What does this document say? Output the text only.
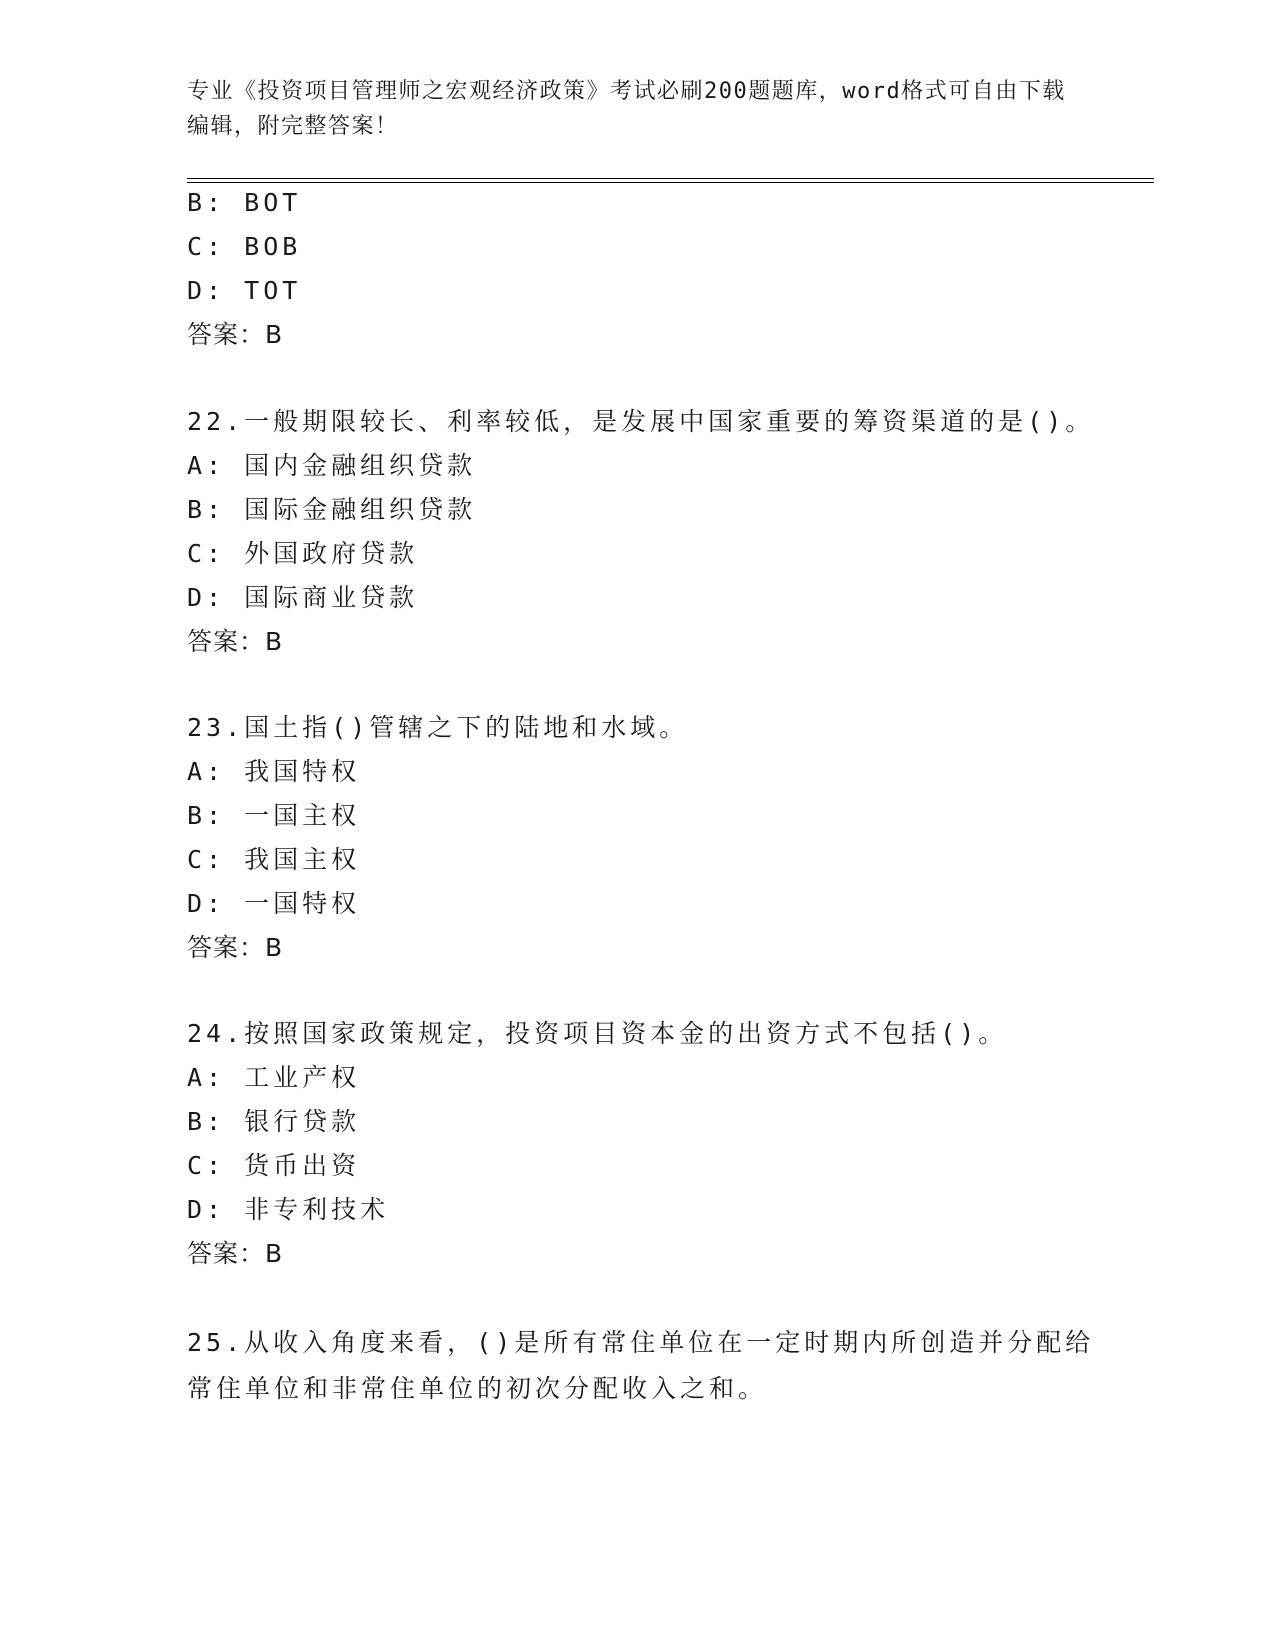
专业《投资项目管理师之宏观经济政策》考试必刷200题题库，word格式可自由下载编辑，附完整答案！

B: BOT
C: BOB
D: TOT
答案：B
22.一般期限较长、利率较低，是发展中国家重要的筹资渠道的是()。
A: 国内金融组织贷款
B: 国际金融组织贷款
C: 外国政府贷款
D: 国际商业贷款
答案：B
23.国土指()管辖之下的陆地和水域。
A: 我国特权
B: 一国主权
C: 我国主权
D: 一国特权
答案：B
24.按照国家政策规定，投资项目资本金的出资方式不包括()。
A: 工业产权
B: 银行贷款
C: 货币出资
D: 非专利技术
答案：B
25.从收入角度来看，()是所有常住单位在一定时期内所创造并分配给常住单位和非常住单位的初次分配收入之和。
